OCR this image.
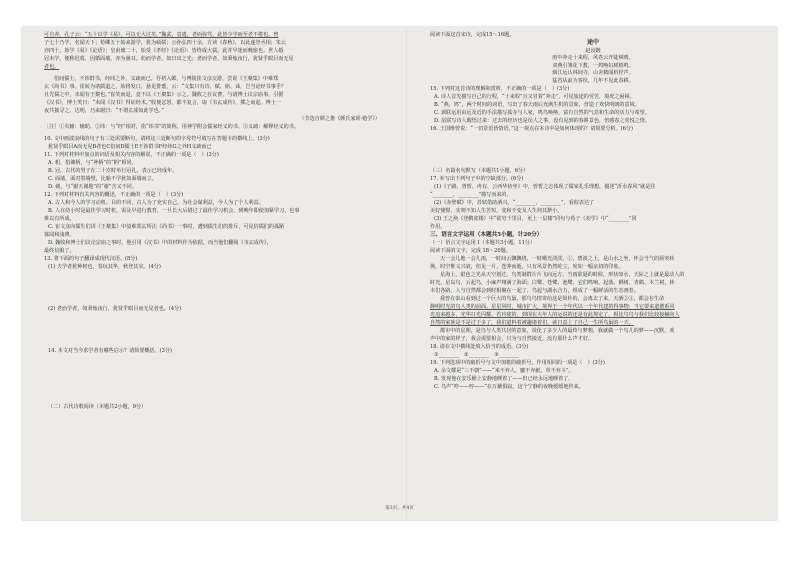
可自养。孔子云：“五十以学《易》，可以无大过矣。”魏武、袁遗，老而弥笃，此皆少学而至老不倦也。曾

子七十乃学，名闻天下；荀卿五十始来游学，犹为硕儒；公孙弘四十余，方读《春秋》，以此遂登丞相；朱云

亦四十，始学《易》《论语》；皇甫谧二十，始受《孝经》《论语》：皆终成大儒。此并早迷而晚寤也。世人婚

冠未学，便称迟暮，因循面墙，亦为愚耳。幼而学者，如日出之光；老而学者，如秉烛夜行，犹贤乎瞑目而无见

者也。

俗间儒士，不涉群书，经纬之外，义疏而已。吾初入邺，与博陵崔文彦交游，尝说《王粲集》中难郑

玄《尚书》事。崔转为诸儒道之，始将发口，悬见排蹙，云：“文集只有诗、赋、铭、诔，岂当论经书事乎？

且先儒之中，未闻有王粲也。”崔笑而退，竟不以《王粲集》示之。魏收之在议曹，与诸博士议宗庙事，引据

《汉书》，博士笑曰：“未闻《汉书》得证经术。”收便忿怒，都不复言，取《韦玄成传》，掷之而起。博士一

夜共披寻之，达明，乃来谢曰：“不谓玄成如此学也。”

（节选自颜之推《颜氏家训·勉学》）

［注］①夹辅：辅助。②纬：与“经”相对，指“纬书”的简称，用神学附会儒家经义的书。③义疏：解释经义的书。

10. 文中画波浪线的句子有三处需要断句，请将这三处断句的字母符号填写在答题卡的横线上。(3分)

犹贤乎瞑目A而无见B者也C俗间D儒士E不涉群书F经纬G之外H义疏而已

11. 下列对材料中加点的词语及相关内容的解说，不正确的一项是（　）(3分)

A. 耜，指锄柄，与“斧柄”的“柄”相同。

B. 冠，古代的男子在二十岁时举行冠礼，表示已经成年。

C. 面墙，面对着墙壁，比喻不学犹如面墙而立。

D. 谢，与“谢天谢地”的“谢”含义不同。

12. 下列对材料有关内容的概述，不正确的一项是（　）(3分)

A. 古人和今人的学习动机、目的不同，古人为了充实自己，为社会谋利益，今人为了个人利益。

B. 人在幼小时是最佳学习时机，需及早进行教育，一旦长大后错过了最佳学习机会，到晚年即使加紧学习，也事

难以有所成。

C. 崔文彦向儒生们讲《王粲集》中驳难郑玄所注《尚书》一事时，遭到儒生们的排斥，可见俗儒们的孤陋

寡闻和浅薄。

D. 魏收和博士们议论宗庙之事时，他引用《汉书》中的材料作为依据，而当他们翻阅《韦玄成传》，

最终信服了。

13. 将下面的句子翻译成现代汉语。(8分)

(1) 夫学者犹种树也，春玩其华，秋登其实。(4分)

(2) 老而学者，如秉烛夜行，犹贤乎瞑目而无见者也。(4分)

14. 本文对当今求学者有哪些启示？请简要概括。(3分)

（二）古代诗歌阅读（本题共2小题，9分）

阅读下面这首宋诗，完成15～16题。

途中

赵汝鐩

雨中奔走十来程，风卷云开陡顿晴。

双燕引雏花下教，一鸠唤妇树梢鸣。

烟江远认林间寺，山舍微闻机杼声。

猛省从前为客误，几年不见此春耕。

15. 下列对这首诗的理解和赏析，不正确的一项是（　）(3分)

A. 诗人首先描写自己的行程，“十来程”且又冒着“奔走”，可见旅途的劳苦，境况之困顿。

B. “燕、鸠”，两个时间的词语，写出了春天雨后充满生机的景象，营造了欢快明朗的意境。

C. 颈联运用由远及近的手法描写孤寺与人家，鸣鸟唤唤，富有自然的气息和生命的活力与希望。

D. 尾联写诗人醒悟过来：过去的经历也是误人之事，没有见到的春耕景色，倍感春之喜悦之情。

16. 王国维曾说：“一切景语皆情语。”这一观点在本诗中是如何体现的？请简要分析。(6分)

（三）名篇名句默写（本题共1小题，6分）

17. 补写出下列句子中的空缺部分。(6分)

(1)《子路、曾皙、冉有、公西华侍坐》中，曾皙之志体现了儒家礼乐理想，描述“沂水春风”就是往

“________，________”描写而来的。

(2)《赤壁赋》中，苏轼借助酒兴，“________，________”，看似表达了

美好憧憬，实则不知人生苦短，变和不变及人生何其渺小。

(3) 王之涣《登鹳雀楼》中“欲穷千里目，更上一层楼”同句与荀子《劝学》中“________”同

作用。

三、语言文字运用（本题共5小题，计20分）

（一）语言文字运用 I（本题共3小题，11分）

阅读下面的文字，完成 18～20题。

天一会儿地一会儿雨，一时间云飘飘绕，一时峨光淡淡，①，碧波之上，是山水之坐，怀会当气的须突转

换，时空惟义兴衰，但见一片，苍莽而逝，只有风景仍然屹立，宛如一幅亲切的印象。

星海上，银色之光从天空划过，鸟类制群片片飞向远方，当雨欲逼的时候，形状如水，天际之上就是最动人的

时光。星岛鸟，云起鸟，小麻声翔满了海面；白鹭、苍鹭、池鹭、它们鸣响、起落、栖树、青鹤、木兰树，林

木们各路，人与自然都会到时相聚在一起了，鸟起与湖水合力，组成了一幅鲜活的生态画卷。

我曾在泰山看到过一个巨大的鸟巢，那鸟鸟情寄给这是简朴的，会离去了来，天洒②③，都会在生命

静明时光的鸟人类的前面。星星同时，城市扩大，境界于一个年代以一个年代建筑得事物：当它要来道德系风

光追来越多，光华日光闪耀，若玲珑的，到现在大年人的运说的还是有此规定了，相比鸟鸟与我们比较接触向人

自然的家族是不是过于多了，我们道料着被趣诸着们，就日益上了自己一生所鸟巢的一天。

都市中的星期，是鸟与人类共居的意象，说化了多少人的最终与梦想，我就做一个鸟儿的梦——沉默，欢

声中的家的样子，我会需要相会，只为与自然接近，没有那什么声才好。

18. 请在文中横线处填入恰当的成语。(3分)

①________　②________　③________

19. 下列选项中的破折号与文中加框的破折号，作用相同的一项是（　）(3分)

A. 余文耀是“三不朝”——“米不弃人，麋不弃献，草不弃斗”。

B. 发现他在安乐桶上安静地睡着了——但已经永远地睡着了。

C. 鸟声“哼——哼——”在万籁俱寂，这个宁静的夜晚缓缓地传来。

第3页，共4页
